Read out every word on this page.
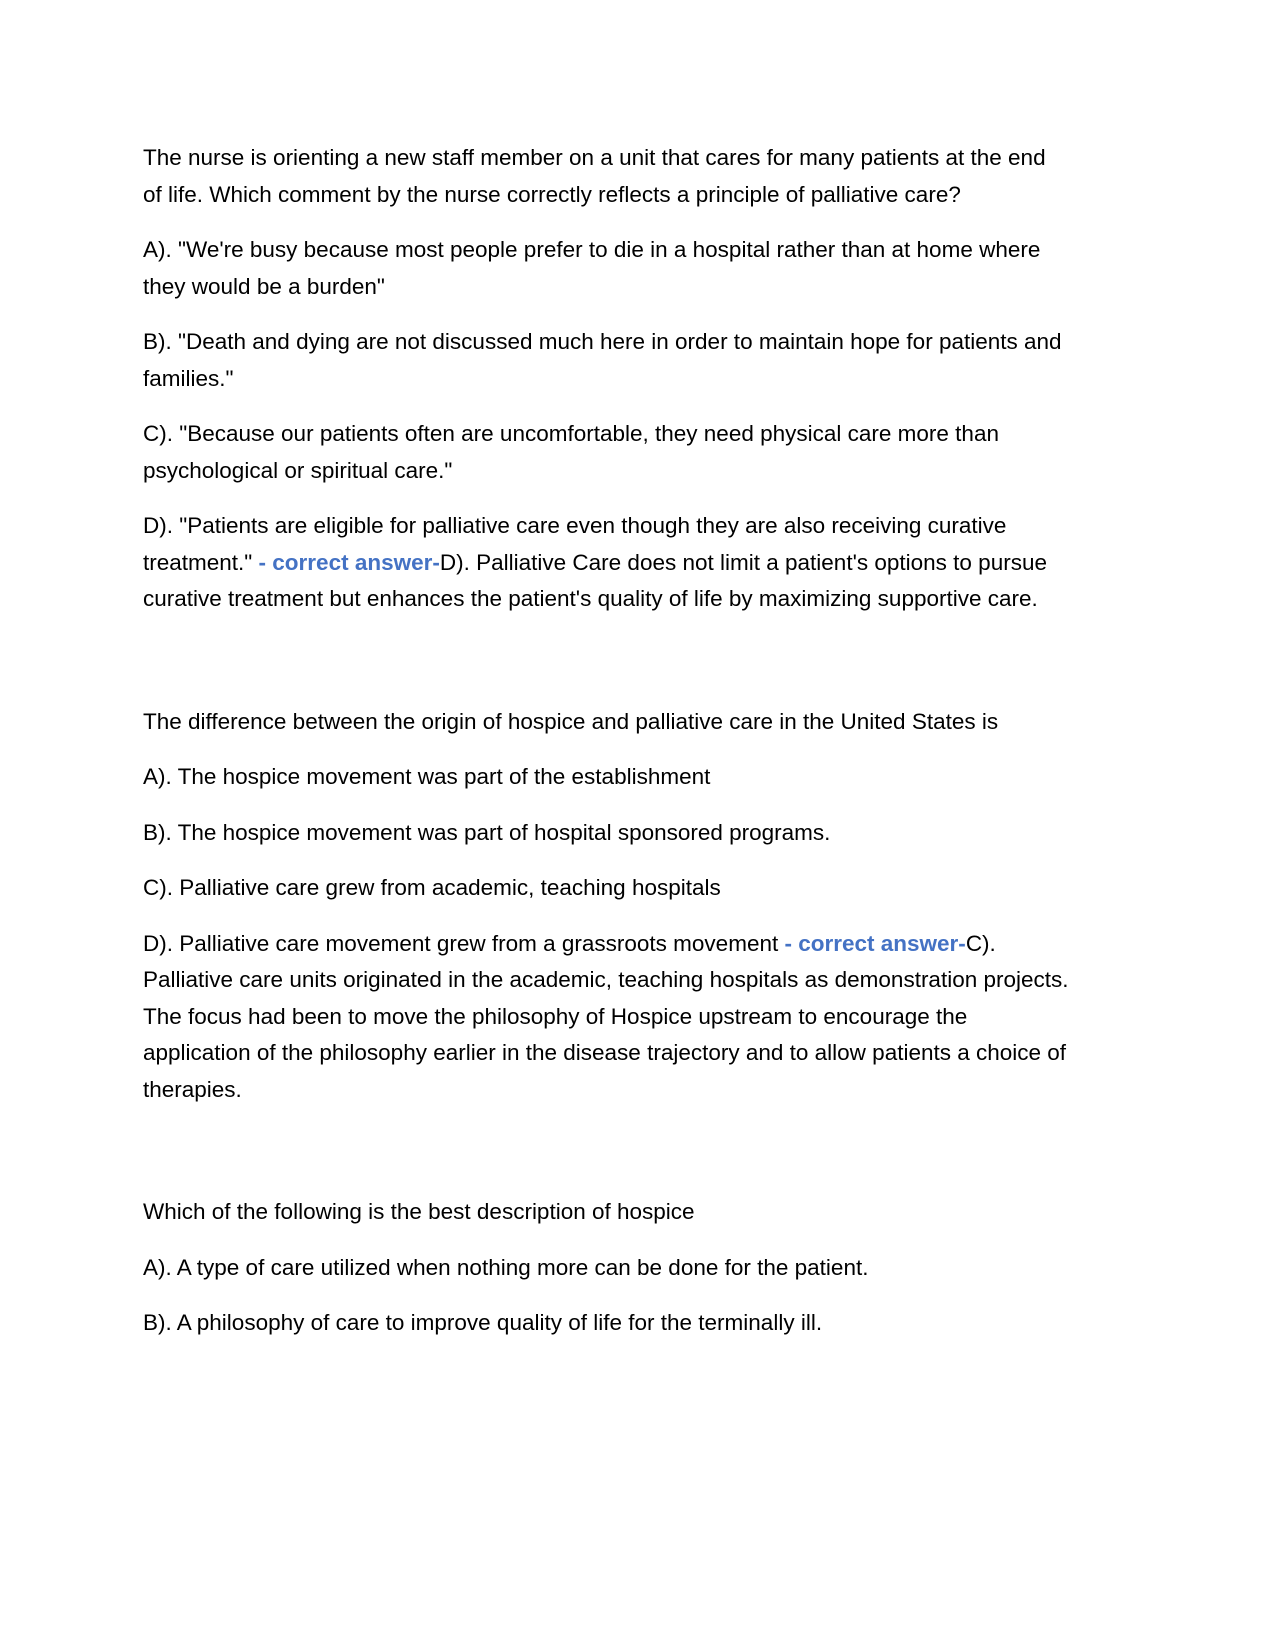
The nurse is orienting a new staff member on a unit that cares for many patients at the end of life. Which comment by the nurse correctly reflects a principle of palliative care?

A). "We're busy because most people prefer to die in a hospital rather than at home where they would be a burden"

B). "Death and dying are not discussed much here in order to maintain hope for patients and families."

C). "Because our patients often are uncomfortable, they need physical care more than psychological or spiritual care."

D). "Patients are eligible for palliative care even though they are also receiving curative treatment." - correct answer-D). Palliative Care does not limit a patient's options to pursue curative treatment but enhances the patient's quality of life by maximizing supportive care.

The difference between the origin of hospice and palliative care in the United States is

A). The hospice movement was part of the establishment

B). The hospice movement was part of hospital sponsored programs.

C). Palliative care grew from academic, teaching hospitals

D). Palliative care movement grew from a grassroots movement - correct answer-C). Palliative care units originated in the academic, teaching hospitals as demonstration projects. The focus had been to move the philosophy of Hospice upstream to encourage the application of the philosophy earlier in the disease trajectory and to allow patients a choice of therapies.

Which of the following is the best description of hospice

A). A type of care utilized when nothing more can be done for the patient.

B). A philosophy of care to improve quality of life for the terminally ill.
